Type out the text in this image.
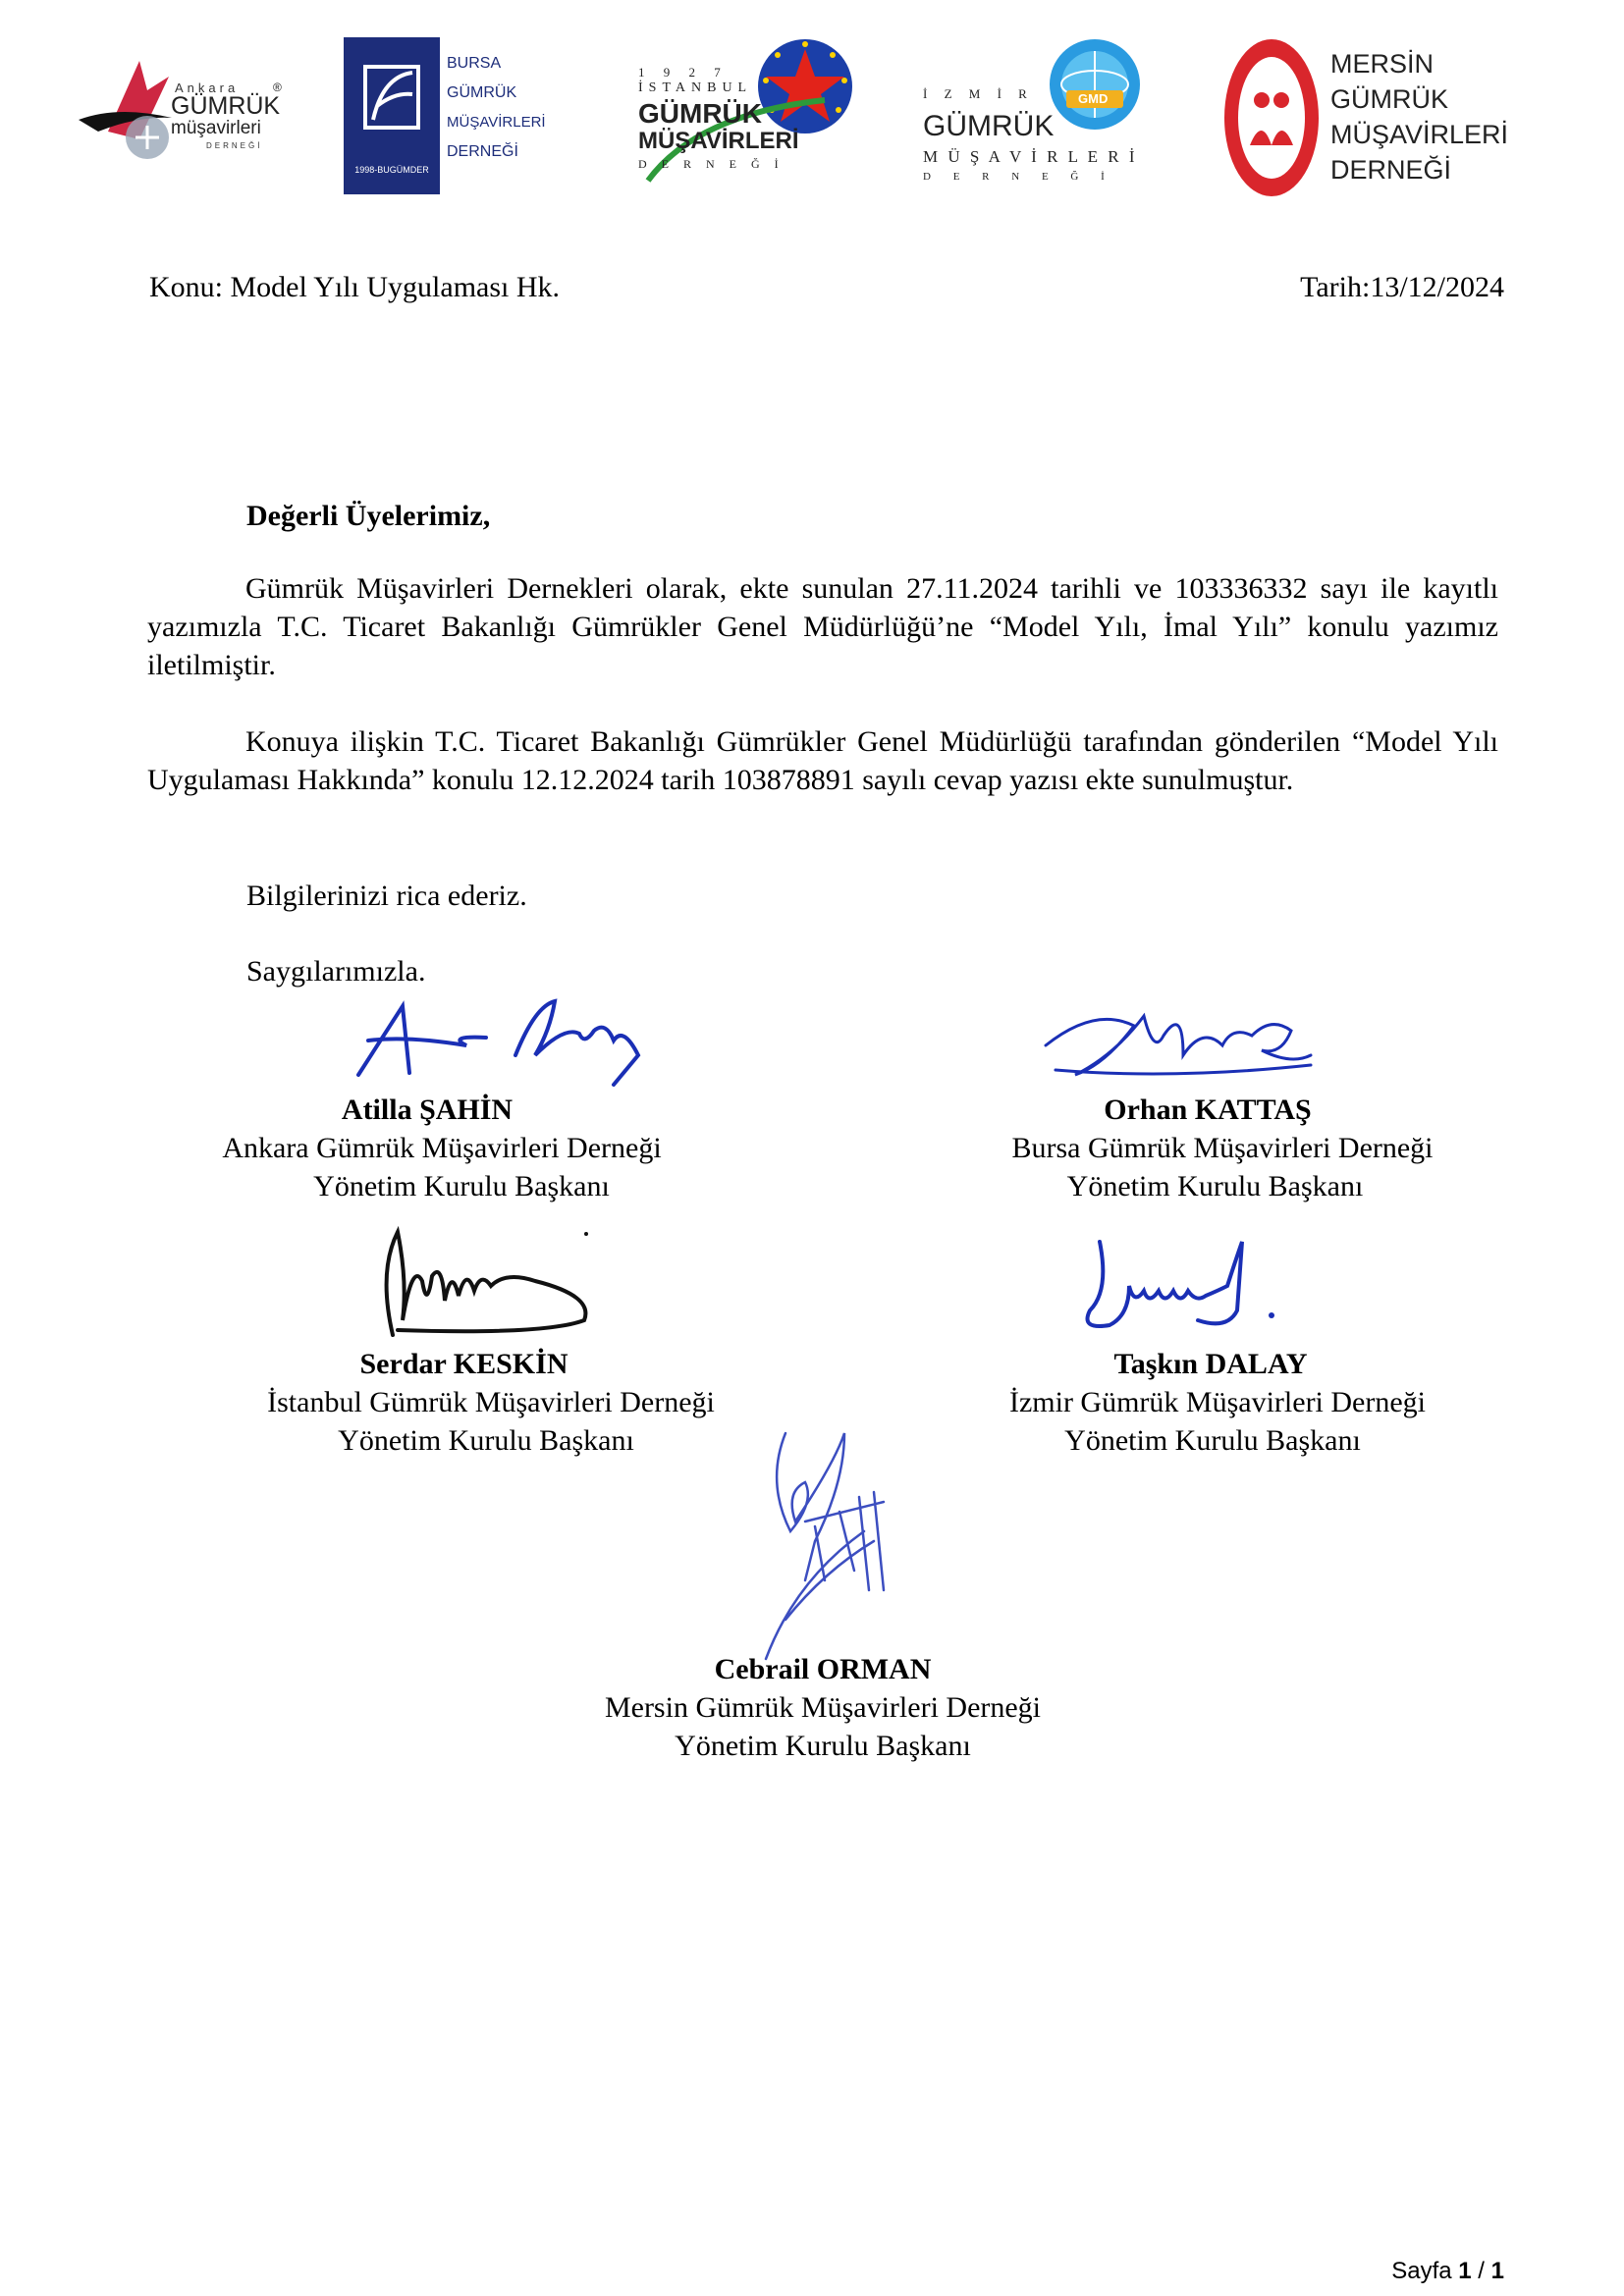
Ankara
GÜMRÜK
müşavirleri
DERNEĞİ
®
1998-BUGÜMDER
BURSA
GÜMRÜK
MÜŞAVİRLERİ
DERNEĞİ
1 9 2 7
İSTANBUL
GÜMRÜK
MÜŞAVİRLERİ
D E R N E Ğ İ
GMD
İ Z M İ R
GÜMRÜK
M Ü Ş A V İ R L E R İ
D E R N E Ğ İ
MERSİN
GÜMRÜK
MÜŞAVİRLERİ
DERNEĞİ
Konu: Model Yılı Uygulaması Hk.	Tarih:13/12/2024
Değerli Üyelerimiz,
Gümrük Müşavirleri Dernekleri olarak, ekte sunulan 27.11.2024 tarihli ve 103336332 sayı ile kayıtlı yazımızla T.C. Ticaret Bakanlığı Gümrükler Genel Müdürlüğü’ne “Model Yılı, İmal Yılı” konulu yazımız iletilmiştir.
Konuya ilişkin T.C. Ticaret Bakanlığı Gümrükler Genel Müdürlüğü tarafından gönderilen “Model Yılı Uygulaması Hakkında” konulu 12.12.2024 tarih 103878891 sayılı cevap yazısı ekte sunulmuştur.
Bilgilerinizi rica ederiz.
Saygılarımızla.
Atilla ŞAHİN
Ankara Gümrük Müşavirleri Derneği
Yönetim Kurulu Başkanı
Orhan KATTAŞ
Bursa Gümrük Müşavirleri Derneği
Yönetim Kurulu Başkanı
Serdar KESKİN
İstanbul Gümrük Müşavirleri Derneği
Yönetim Kurulu Başkanı
Taşkın DALAY
İzmir Gümrük Müşavirleri Derneği
Yönetim Kurulu Başkanı
Cebrail ORMAN
Mersin Gümrük Müşavirleri Derneği
Yönetim Kurulu Başkanı
Sayfa 1 / 1
